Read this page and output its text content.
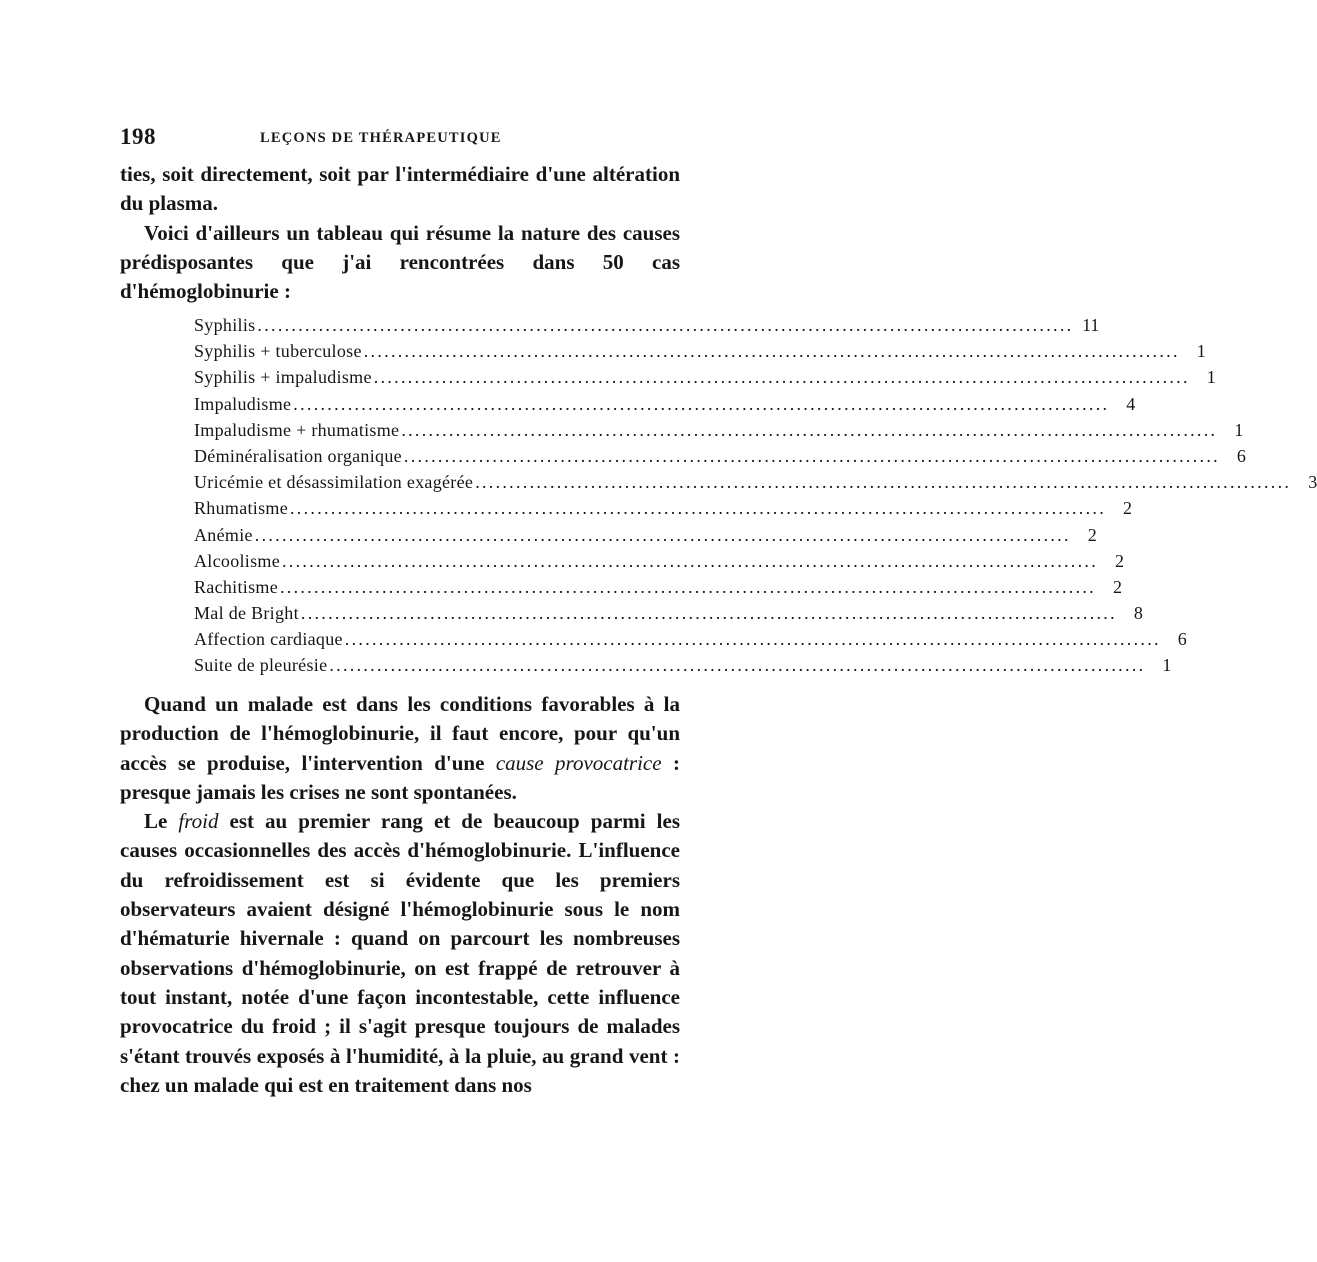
198	LEÇONS DE THÉRAPEUTIQUE

ties, soit directement, soit par l'intermédiaire d'une altération du plasma.

Voici d'ailleurs un tableau qui résume la nature des causes prédisposantes que j'ai rencontrées dans 50 cas d'hémoglobinurie :

Syphilis ........................................................................................................................ 11
Syphilis + tuberculose ........................................................................................................................ 1
Syphilis + impaludisme ........................................................................................................................ 1
Impaludisme ........................................................................................................................ 4
Impaludisme + rhumatisme ........................................................................................................................ 1
Déminéralisation organique ........................................................................................................................ 6
Uricémie et désassimilation exagérée ........................................................................................................................ 3
Rhumatisme ........................................................................................................................ 2
Anémie ........................................................................................................................ 2
Alcoolisme ........................................................................................................................ 2
Rachitisme ........................................................................................................................ 2
Mal de Bright ........................................................................................................................ 8
Affection cardiaque ........................................................................................................................ 6
Suite de pleurésie ........................................................................................................................ 1

Quand un malade est dans les conditions favorables à la production de l'hémoglobinurie, il faut encore, pour qu'un accès se produise, l'intervention d'une cause provocatrice : presque jamais les crises ne sont spontanées.

Le froid est au premier rang et de beaucoup parmi les causes occasionnelles des accès d'hémoglobinurie. L'influence du refroidissement est si évidente que les premiers observateurs avaient désigné l'hémoglobinurie sous le nom d'hématurie hivernale : quand on parcourt les nombreuses observations d'hémoglobinurie, on est frappé de retrouver à tout instant, notée d'une façon incontestable, cette influence provocatrice du froid ; il s'agit presque toujours de malades s'étant trouvés exposés à l'humidité, à la pluie, au grand vent : chez un malade qui est en traitement dans nos
